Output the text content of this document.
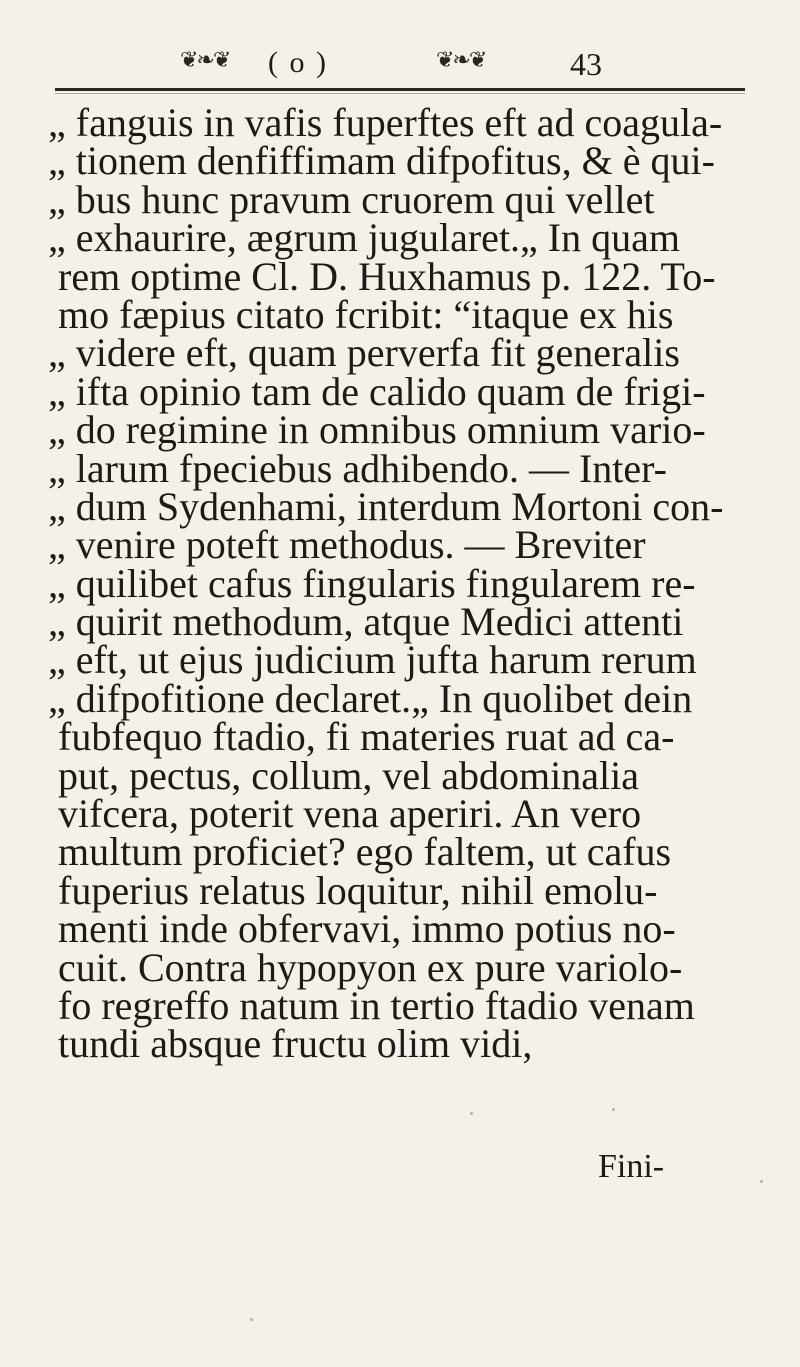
❦❧❦ ( o )	❦❧❦	43
„ fanguis in vafis fuperftes eft ad coagula-
„ tionem denfiffimam difpofitus, & è qui-
„ bus hunc pravum cruorem qui vellet
„ exhaurire, ægrum jugularet.„ In quam
rem optime Cl. D. Huxhamus p. 122. To-
mo fæpius citato fcribit: “itaque ex his
„ videre eft, quam perverfa fit generalis
„ ifta opinio tam de calido quam de frigi-
„ do regimine in omnibus omnium vario-
„ larum fpeciebus adhibendo. — Inter-
„ dum Sydenhami, interdum Mortoni con-
„ venire poteft methodus. — Breviter
„ quilibet cafus fingularis fingularem re-
„ quirit methodum, atque Medici attenti
„ eft, ut ejus judicium jufta harum rerum
„ difpofitione declaret.„ In quolibet dein
fubfequo ftadio, fi materies ruat ad ca-
put, pectus, collum, vel abdominalia
vifcera, poterit vena aperiri. An vero
multum proficiet? ego faltem, ut cafus
fuperius relatus loquitur, nihil emolu-
menti inde obfervavi, immo potius no-
cuit. Contra hypopyon ex pure variolo-
fo regreffo natum in tertio ftadio venam
tundi absque fructu olim vidi,
Fini-
